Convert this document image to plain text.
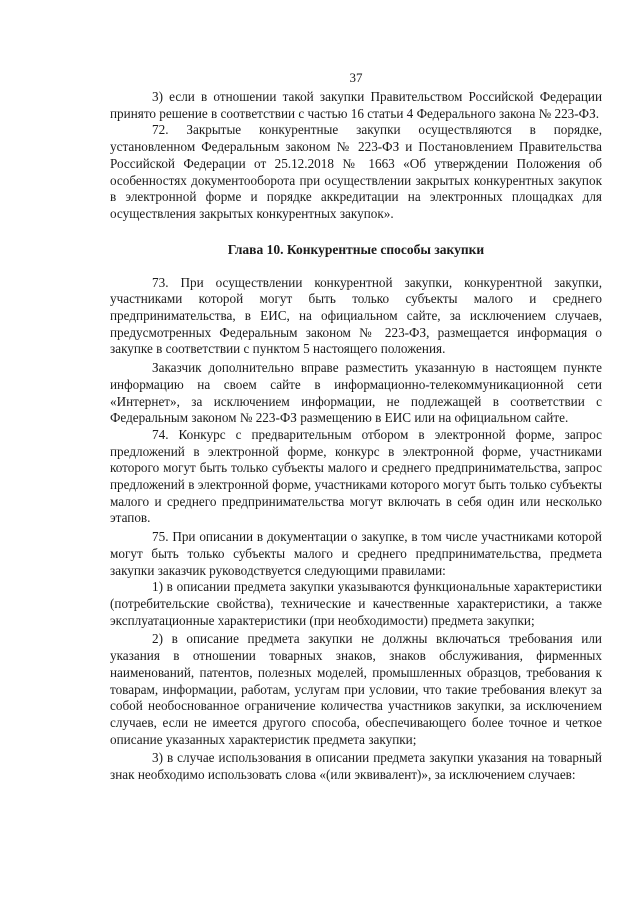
37

3) если в отношении такой закупки Правительством Российской Федерации принято решение в соответствии с частью 16 статьи 4 Федерального закона № 223-ФЗ.

72. Закрытые конкурентные закупки осуществляются в порядке, установленном Федеральным законом № 223-ФЗ и Постановлением Правительства Российской Федерации от 25.12.2018 № 1663 «Об утверждении Положения об особенностях документооборота при осуществлении закрытых конкурентных закупок в электронной форме и порядке аккредитации на электронных площадках для осуществления закрытых конкурентных закупок».

Глава 10. Конкурентные способы закупки

73. При осуществлении конкурентной закупки, конкурентной закупки, участниками которой могут быть только субъекты малого и среднего предпринимательства, в ЕИС, на официальном сайте, за исключением случаев, предусмотренных Федеральным законом № 223-ФЗ, размещается информация о закупке в соответствии с пунктом 5 настоящего положения.

Заказчик дополнительно вправе разместить указанную в настоящем пункте информацию на своем сайте в информационно-телекоммуникационной сети «Интернет», за исключением информации, не подлежащей в соответствии с Федеральным законом № 223-ФЗ размещению в ЕИС или на официальном сайте.

74. Конкурс с предварительным отбором в электронной форме, запрос предложений в электронной форме, конкурс в электронной форме, участниками которого могут быть только субъекты малого и среднего предпринимательства, запрос предложений в электронной форме, участниками которого могут быть только субъекты малого и среднего предпринимательства могут включать в себя один или несколько этапов.

75. При описании в документации о закупке, в том числе участниками которой могут быть только субъекты малого и среднего предпринимательства, предмета закупки заказчик руководствуется следующими правилами:

1) в описании предмета закупки указываются функциональные характеристики (потребительские свойства), технические и качественные характеристики, а также эксплуатационные характеристики (при необходимости) предмета закупки;

2) в описание предмета закупки не должны включаться требования или указания в отношении товарных знаков, знаков обслуживания, фирменных наименований, патентов, полезных моделей, промышленных образцов, требования к товарам, информации, работам, услугам при условии, что такие требования влекут за собой необоснованное ограничение количества участников закупки, за исключением случаев, если не имеется другого способа, обеспечивающего более точное и четкое описание указанных характеристик предмета закупки;

3) в случае использования в описании предмета закупки указания на товарный знак необходимо использовать слова «(или эквивалент)», за исключением случаев:
